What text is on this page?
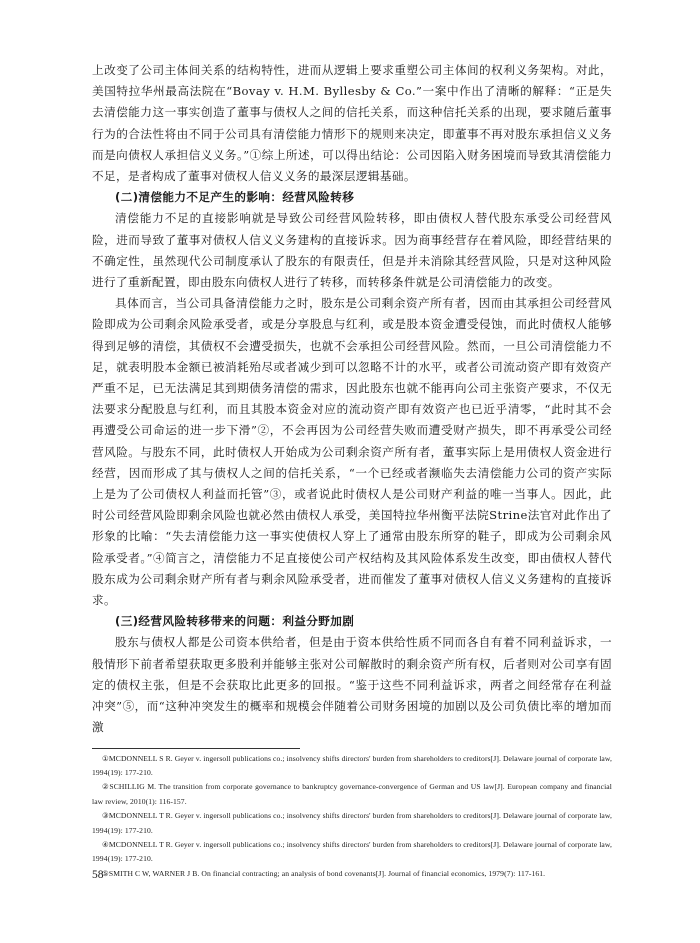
上改变了公司主体间关系的结构特性，进而从逻辑上要求重塑公司主体间的权利义务架构。对此，美国特拉华州最高法院在“Bovay v. H.M. Byllesby & Co.”一案中作出了清晰的解释：“正是失去清偿能力这一事实创造了董事与债权人之间的信托关系，而这种信托关系的出现，要求随后董事行为的合法性将由不同于公司具有清偿能力情形下的规则来决定，即董事不再对股东承担信义义务而是向债权人承担信义义务。”①综上所述，可以得出结论：公司因陷入财务困境而导致其清偿能力不足，是者构成了董事对债权人信义义务的最深层逻辑基础。

(二)清偿能力不足产生的影响：经营风险转移

清偿能力不足的直接影响就是导致公司经营风险转移，即由债权人替代股东承受公司经营风险，进而导致了董事对债权人信义义务建构的直接诉求。因为商事经营存在着风险，即经营结果的不确定性，虽然现代公司制度承认了股东的有限责任，但是并未消除其经营风险，只是对这种风险进行了重新配置，即由股东向债权人进行了转移，而转移条件就是公司清偿能力的改变。

具体而言，当公司具备清偿能力之时，股东是公司剩余资产所有者，因而由其承担公司经营风险即成为公司剩余风险承受者，或是分享股息与红利，或是股本资金遭受侵蚀，而此时债权人能够得到足够的清偿，其债权不会遭受损失，也就不会承担公司经营风险。然而，一旦公司清偿能力不足，就表明股本金额已被消耗殆尽或者减少到可以忽略不计的水平，或者公司流动资产即有效资产严重不足，已无法满足其到期债务清偿的需求，因此股东也就不能再向公司主张资产要求，不仅无法要求分配股息与红利，而且其股本资金对应的流动资产即有效资产也已近乎清零，“此时其不会再遭受公司命运的进一步下滑”②，不会再因为公司经营失败而遭受财产损失，即不再承受公司经营风险。与股东不同，此时债权人开始成为公司剩余资产所有者，董事实际上是用债权人资金进行经营，因而形成了其与债权人之间的信托关系，“一个已经或者濒临失去清偿能力公司的资产实际上是为了公司债权人利益而托管”③，或者说此时债权人是公司财产利益的唯一当事人。因此，此时公司经营风险即剩余风险也就必然由债权人承受，美国特拉华州衡平法院Strine法官对此作出了形象的比喻：“失去清偿能力这一事实使债权人穿上了通常由股东所穿的鞋子，即成为公司剩余风险承受者。”④简言之，清偿能力不足直接使公司产权结构及其风险体系发生改变，即由债权人替代股东成为公司剩余财产所有者与剩余风险承受者，进而催发了董事对债权人信义义务建构的直接诉求。

(三)经营风险转移带来的问题：利益分野加剧

股东与债权人都是公司资本供给者，但是由于资本供给性质不同而各自有着不同利益诉求，一般情形下前者希望获取更多股利并能够主张对公司解散时的剩余资产所有权，后者则对公司享有固定的债权主张，但是不会获取比此更多的回报。“鉴于这些不同利益诉求，两者之间经常存在利益冲突”⑤，而“这种冲突发生的概率和规模会伴随着公司财务困境的加剧以及公司负债比率的增加而激

①MCDONNELL S R. Geyer v. ingersoll publications co.; insolvency shifts directors' burden from shareholders to creditors[J]. Delaware journal of corporate law, 1994(19): 177-210.

②SCHILLIG M. The transition from corporate governance to bankruptcy governance-convergence of German and US law[J]. European company and financial law review, 2010(1): 116-157.

③MCDONNELL T R. Geyer v. ingersoll publications co.; insolvency shifts directors' burden from shareholders to creditors[J]. Delaware journal of corporate law, 1994(19): 177-210.

④MCDONNELL T R. Geyer v. ingersoll publications co.; insolvency shifts directors' burden from shareholders to creditors[J]. Delaware journal of corporate law, 1994(19): 177-210.

⑤SMITH C W, WARNER J B. On financial contracting; an analysis of bond covenants[J]. Journal of financial economics, 1979(7): 117-161.

58
